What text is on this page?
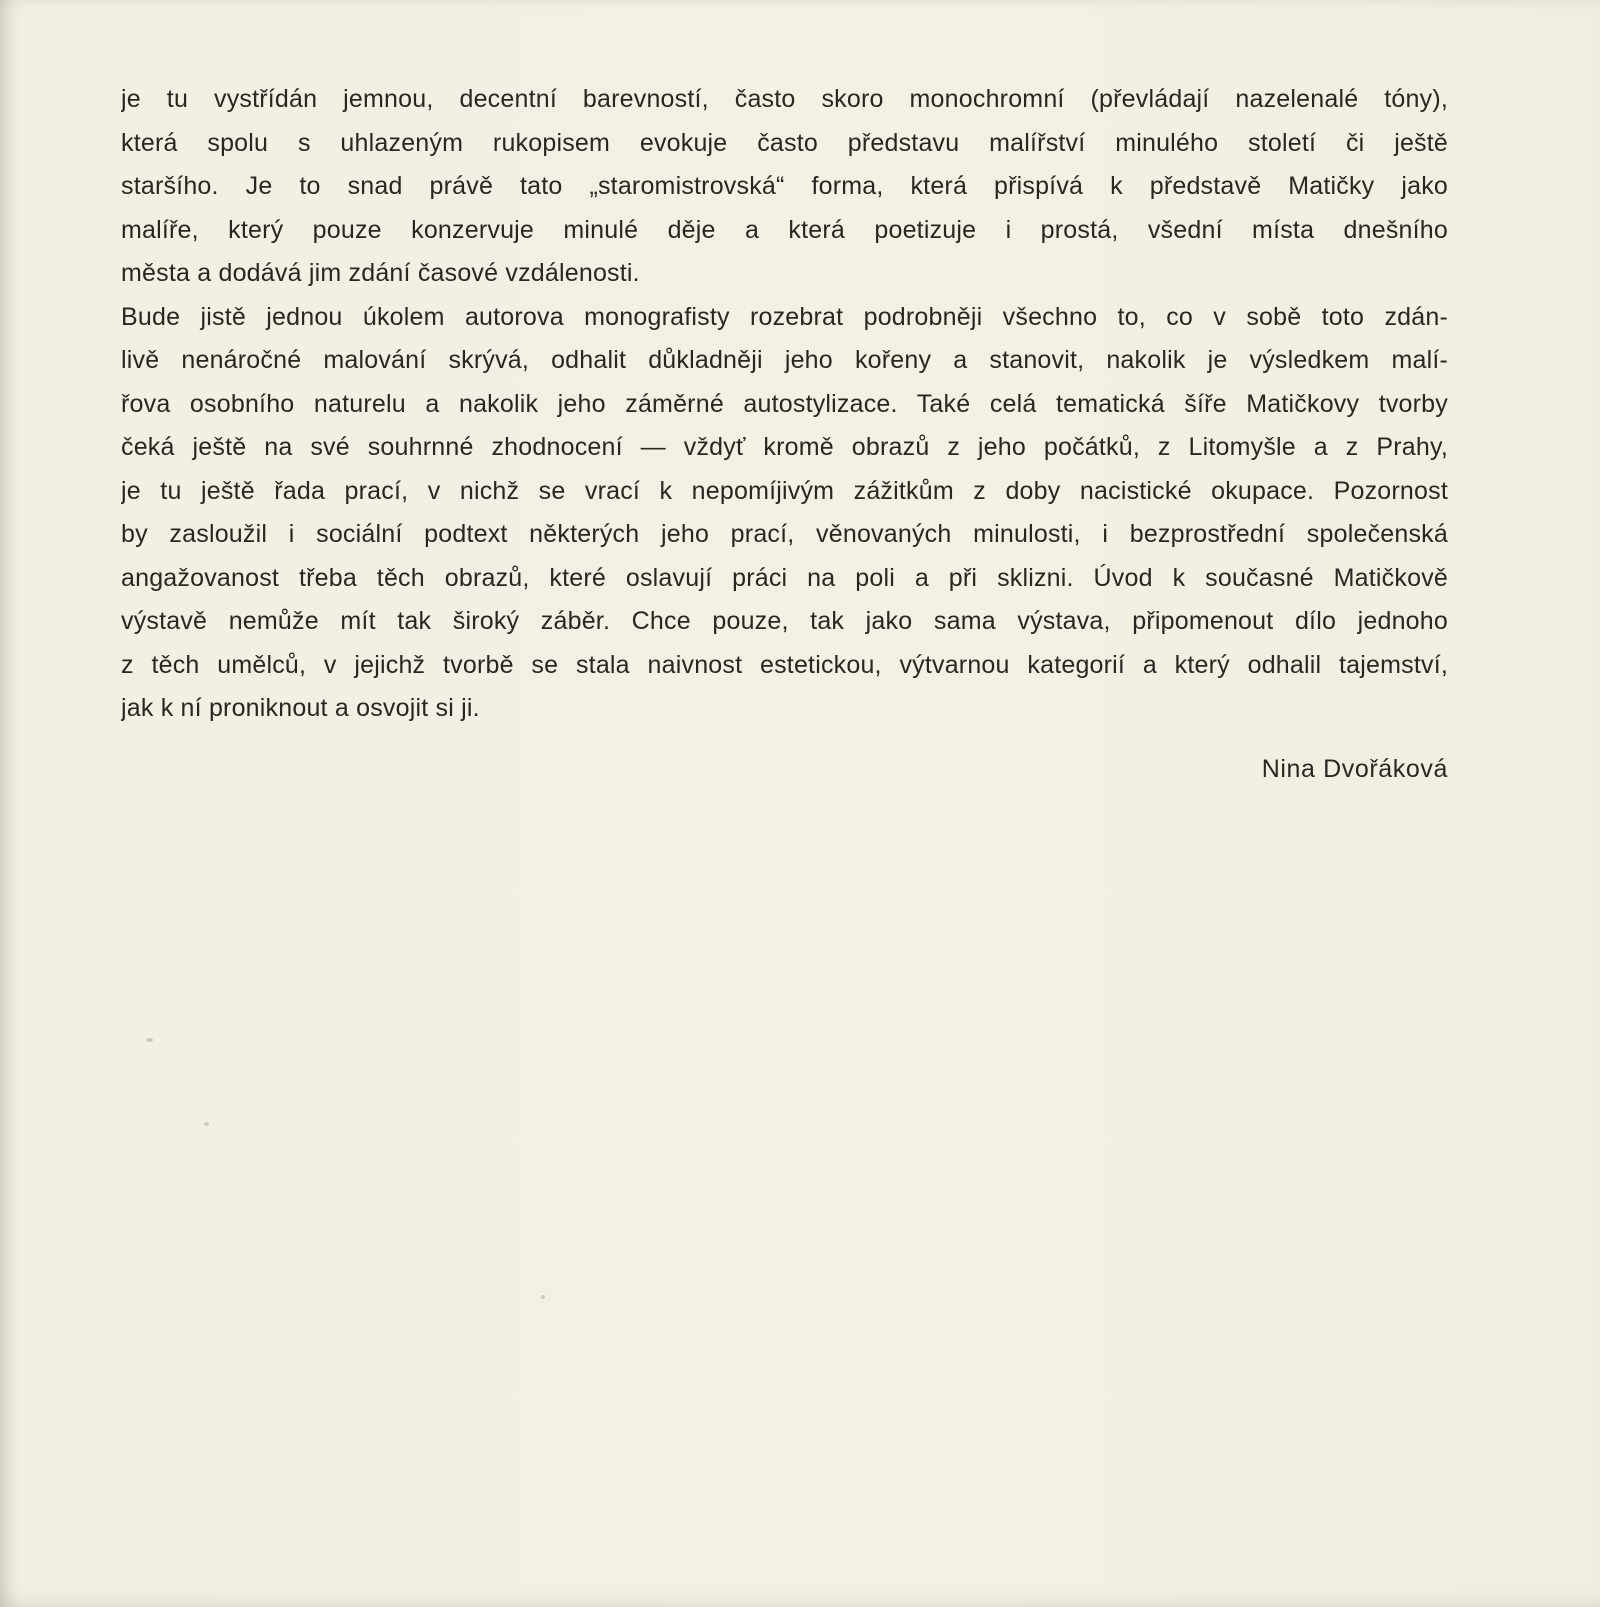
je tu vystřídán jemnou, decentní barevností, často skoro monochromní (převládají nazelenalé tóny),

která spolu s uhlazeným rukopisem evokuje často představu malířství minulého století či ještě

staršího. Je to snad právě tato „staromistrovská“ forma, která přispívá k představě Matičky jako

malíře, který pouze konzervuje minulé děje a která poetizuje i prostá, všední místa dnešního

města a dodává jim zdání časové vzdálenosti.

Bude jistě jednou úkolem autorova monografisty rozebrat podrobněji všechno to, co v sobě toto zdán-

livě nenáročné malování skrývá, odhalit důkladněji jeho kořeny a stanovit, nakolik je výsledkem malí-

řova osobního naturelu a nakolik jeho záměrné autostylizace. Také celá tematická šíře Matičkovy tvorby

čeká ještě na své souhrnné zhodnocení — vždyť kromě obrazů z jeho počátků, z Litomyšle a z Prahy,

je tu ještě řada prací, v nichž se vrací k nepomíjivým zážitkům z doby nacistické okupace. Pozornost

by zasloužil i sociální podtext některých jeho prací, věnovaných minulosti, i bezprostřední společenská

angažovanost třeba těch obrazů, které oslavují práci na poli a při sklizni. Úvod k současné Matičkově

výstavě nemůže mít tak široký záběr. Chce pouze, tak jako sama výstava, připomenout dílo jednoho

z těch umělců, v jejichž tvorbě se stala naivnost estetickou, výtvarnou kategorií a který odhalil tajemství,

jak k ní proniknout a osvojit si ji.

Nina Dvořáková
